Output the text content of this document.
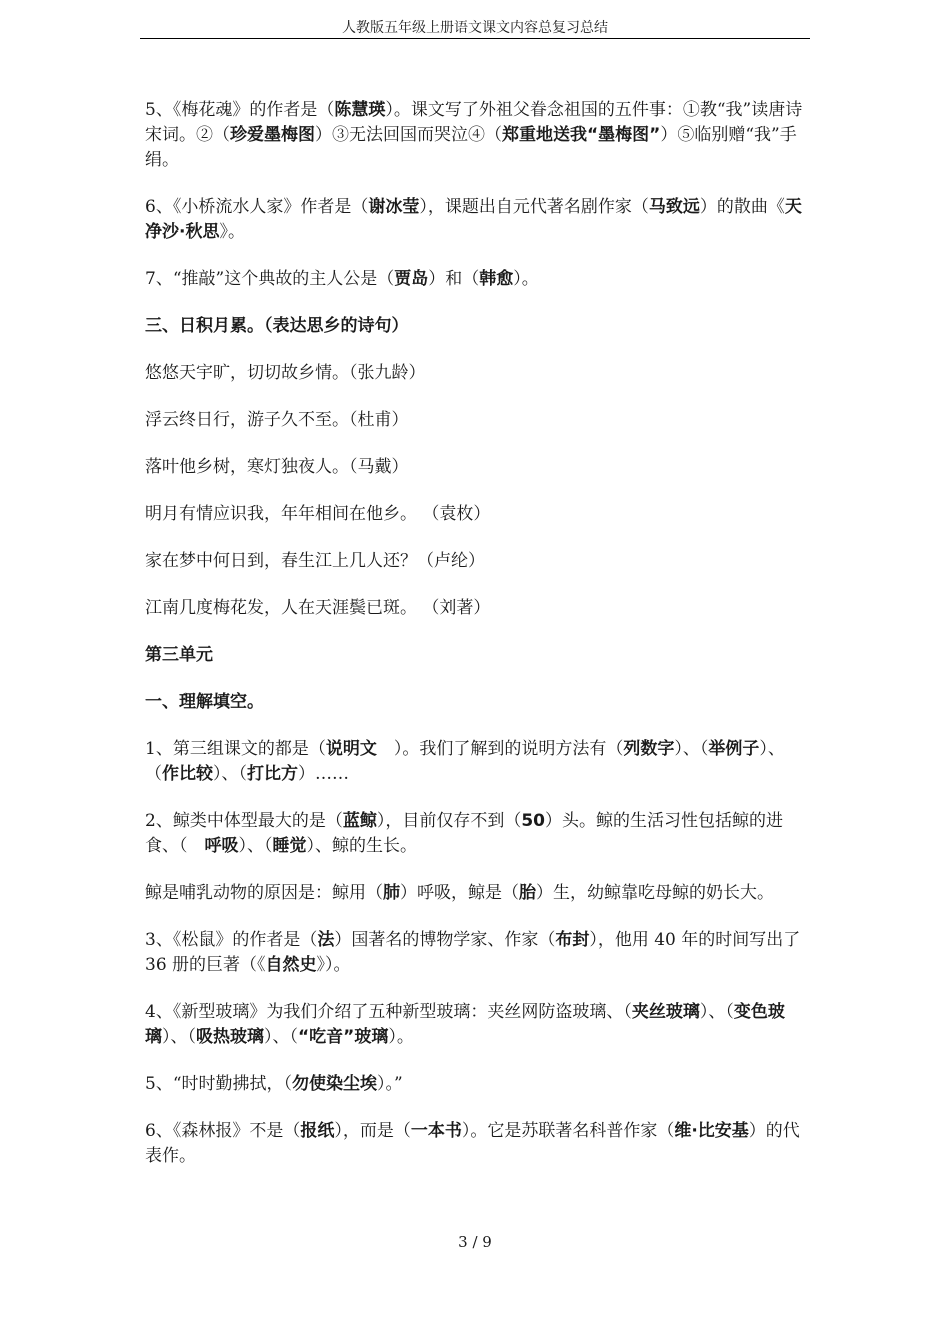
人教版五年级上册语文课文内容总复习总结

5、《梅花魂》的作者是（陈慧瑛）。课文写了外祖父眷念祖国的五件事：①教“我”读唐诗宋词。②（珍爱墨梅图）③无法回国而哭泣④（郑重地送我“墨梅图”）⑤临别赠“我”手绢。

6、《小桥流水人家》作者是（谢冰莹），课题出自元代著名剧作家（马致远）的散曲《天净沙·秋思》。

7、“推敲”这个典故的主人公是（贾岛）和（韩愈）。

三、日积月累。（表达思乡的诗句）

悠悠天宇旷，切切故乡情。（张九龄）

浮云终日行，游子久不至。（杜甫）

落叶他乡树，寒灯独夜人。（马戴）

明月有情应识我，年年相间在他乡。 （袁枚）

家在梦中何日到，春生江上几人还？（卢纶）

江南几度梅花发，人在天涯鬓已斑。 （刘著）

第三单元

一、理解填空。

1、第三组课文的都是（说明文　）。我们了解到的说明方法有（列数字）、（举例子）、（作比较）、（打比方）……

2、鲸类中体型最大的是（蓝鲸），目前仅存不到（50）头。鲸的生活习性包括鲸的进食、（　呼吸）、（睡觉）、鲸的生长。

鲸是哺乳动物的原因是：鲸用（肺）呼吸，鲸是（胎）生，幼鲸靠吃母鲸的奶长大。

3、《松鼠》的作者是（法）国著名的博物学家、作家（布封），他用 40 年的时间写出了 36 册的巨著（《自然史》）。

4、《新型玻璃》为我们介绍了五种新型玻璃：夹丝网防盗玻璃、（夹丝玻璃）、（变色玻璃）、（吸热玻璃）、（“吃音”玻璃）。

5、“时时勤拂拭，（勿使染尘埃）。”

6、《森林报》不是（报纸），而是（一本书）。它是苏联著名科普作家（维·比安基）的代表作。

3 / 9
